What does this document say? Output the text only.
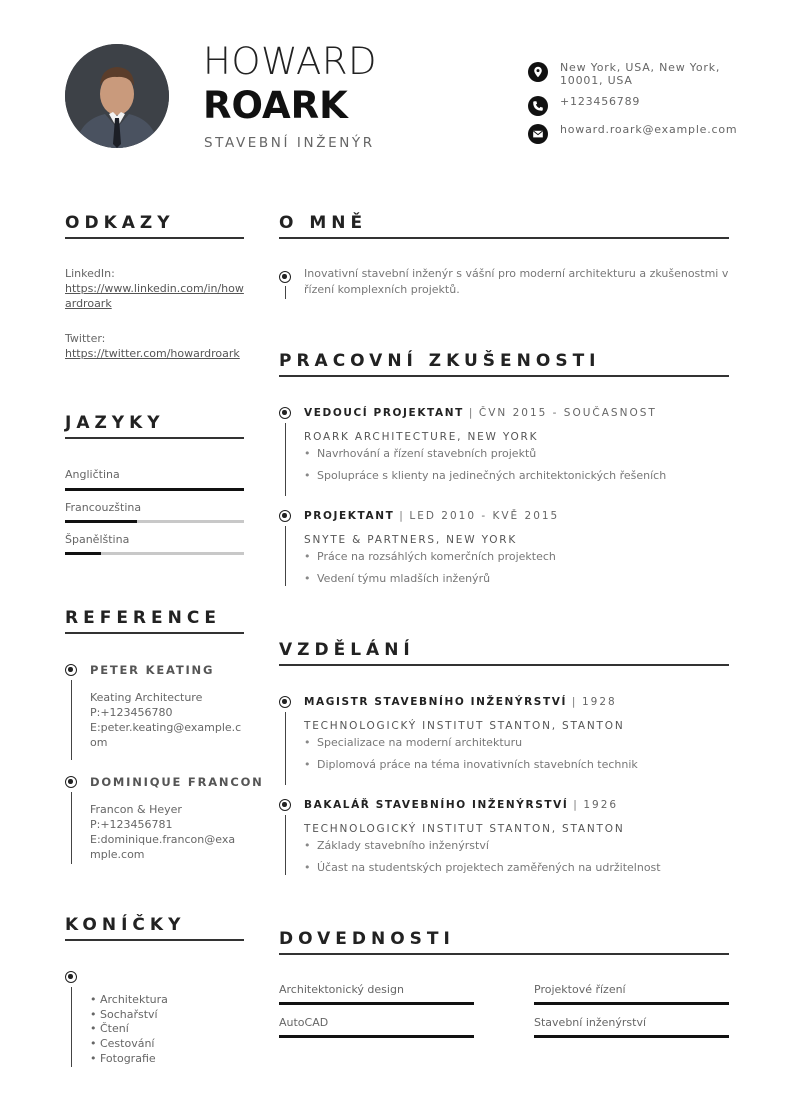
HOWARD
ROARK
STAVEBNÍ INŽENÝR
New York, USA, New York, 10001, USA
+123456789
howard.roark@example.com
ODKAZY
LinkedIn:
https://www.linkedin.com/in/howardroark
Twitter:
https://twitter.com/howardroark
JAZYKY
Angličtina
Francouzština
Španělština
REFERENCE
PETER KEATING
Keating Architecture
P:+123456780
E:peter.keating@example.com
DOMINIQUE FRANCON
Francon & Heyer
P:+123456781
E:dominique.francon@example.com
KONÍČKY
• Architektura
• Sochařství
• Čtení
• Cestování
• Fotografie
O MNĚ
Inovativní stavební inženýr s vášní pro moderní architekturu a zkušenostmi v řízení komplexních projektů.
PRACOVNÍ ZKUŠENOSTI
VEDOUCÍ PROJEKTANT | ČVN 2015 - SOUČASNOST
ROARK ARCHITECTURE, NEW YORK
• Navrhování a řízení stavebních projektů
• Spolupráce s klienty na jedinečných architektonických řešeních
PROJEKTANT | LED 2010 - KVĚ 2015
SNYTE & PARTNERS, NEW YORK
• Práce na rozsáhlých komerčních projektech
• Vedení týmu mladších inženýrů
VZDĚLÁNÍ
MAGISTR STAVEBNÍHO INŽENÝRSTVÍ | 1928
TECHNOLOGICKÝ INSTITUT STANTON, STANTON
• Specializace na moderní architekturu
• Diplomová práce na téma inovativních stavebních technik
BAKALÁŘ STAVEBNÍHO INŽENÝRSTVÍ | 1926
TECHNOLOGICKÝ INSTITUT STANTON, STANTON
• Základy stavebního inženýrství
• Účast na studentských projektech zaměřených na udržitelnost
DOVEDNOSTI
Architektonický design	Projektové řízení
AutoCAD	Stavební inženýrství
